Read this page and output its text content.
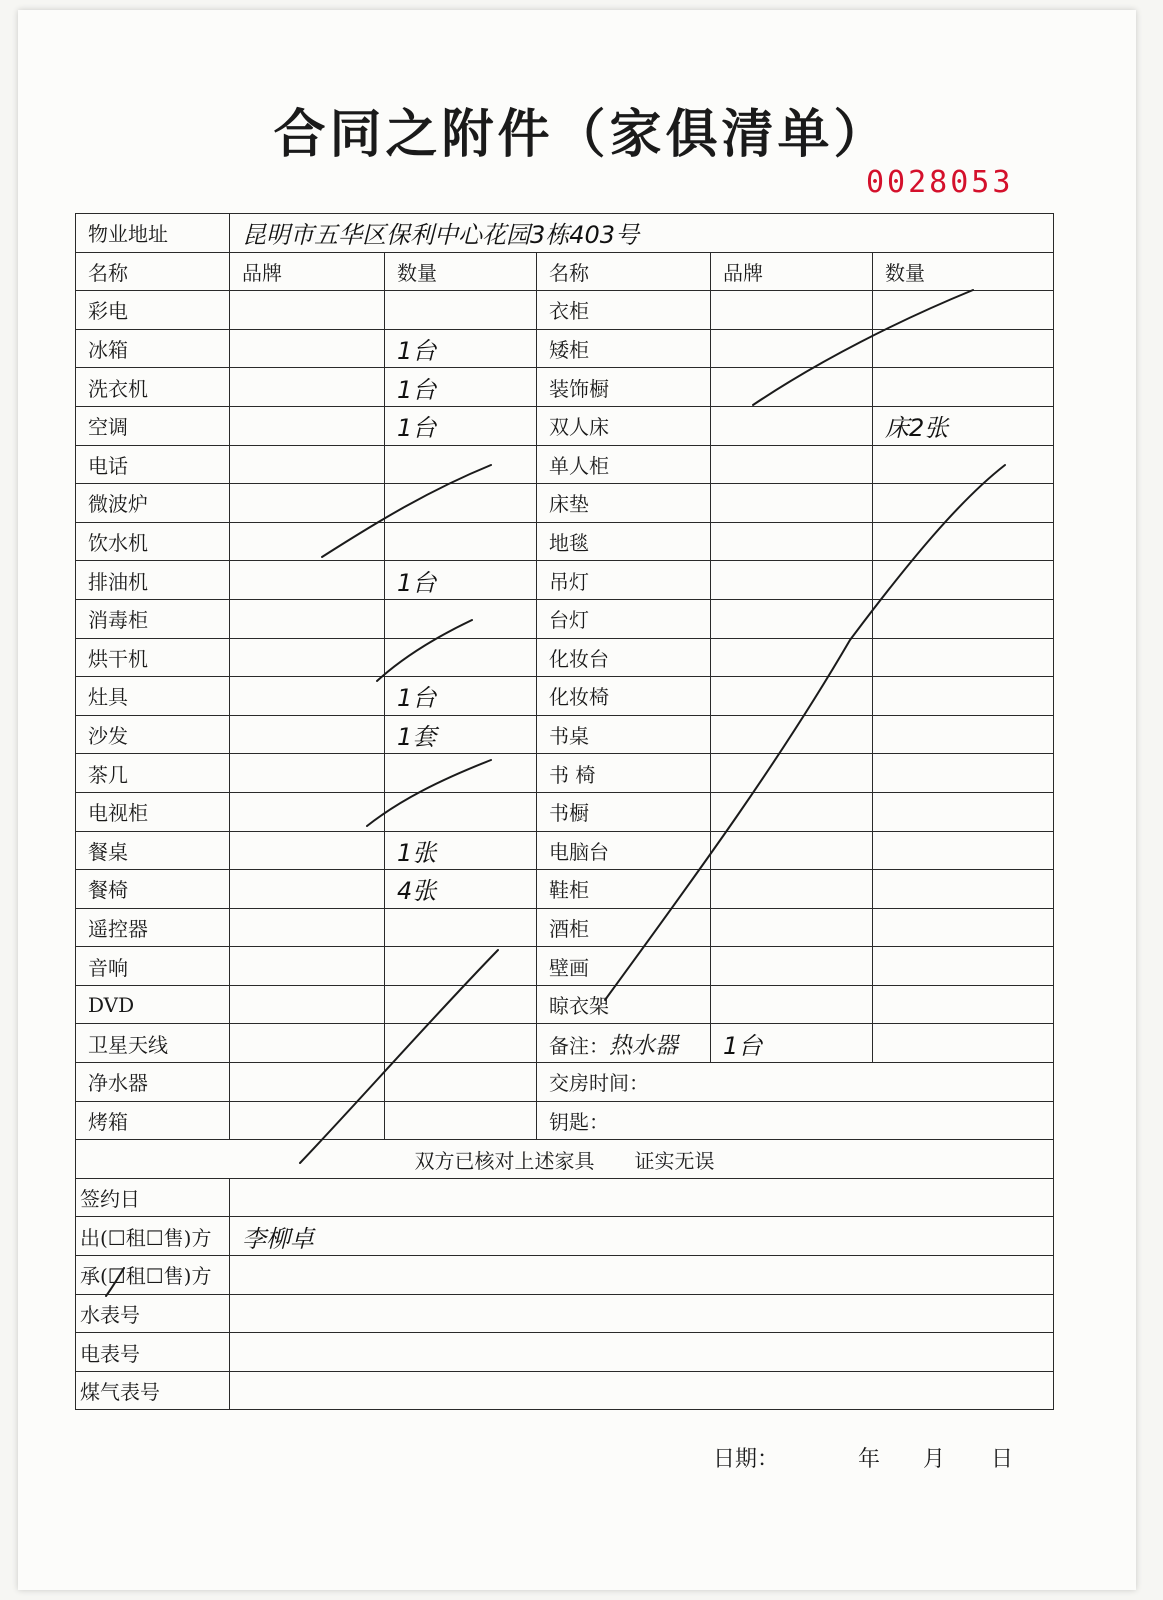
合同之附件（家俱清单）
0028053
物业地址	昆明市五华区保利中心花园3栋403号				
名称	品牌	数量	名称	品牌	数量
彩电			衣柜		
冰箱		1台	矮柜		
洗衣机		1台	装饰橱		
空调		1台	双人床		床2张
电话			单人柜		
微波炉			床垫		
饮水机			地毯		
排油机		1台	吊灯		
消毒柜			台灯		
烘干机			化妆台		
灶具		1台	化妆椅		
沙发		1套	书桌		
茶几			书 椅		
电视柜			书橱		
餐桌		1张	电脑台		
餐椅		4张	鞋柜		
遥控器			酒柜		
音响			壁画		
DVD			晾衣架		
卫星天线			备注：热水器	1台	
净水器			交房时间：		
烤箱			钥匙：		
双方已核对上述家具　　证实无误					
签约日					
出(☐租☐售)方	李柳卓				
承(☐租☐售)方					
水表号					
电表号					
煤气表号					
日期：	年 月 日
